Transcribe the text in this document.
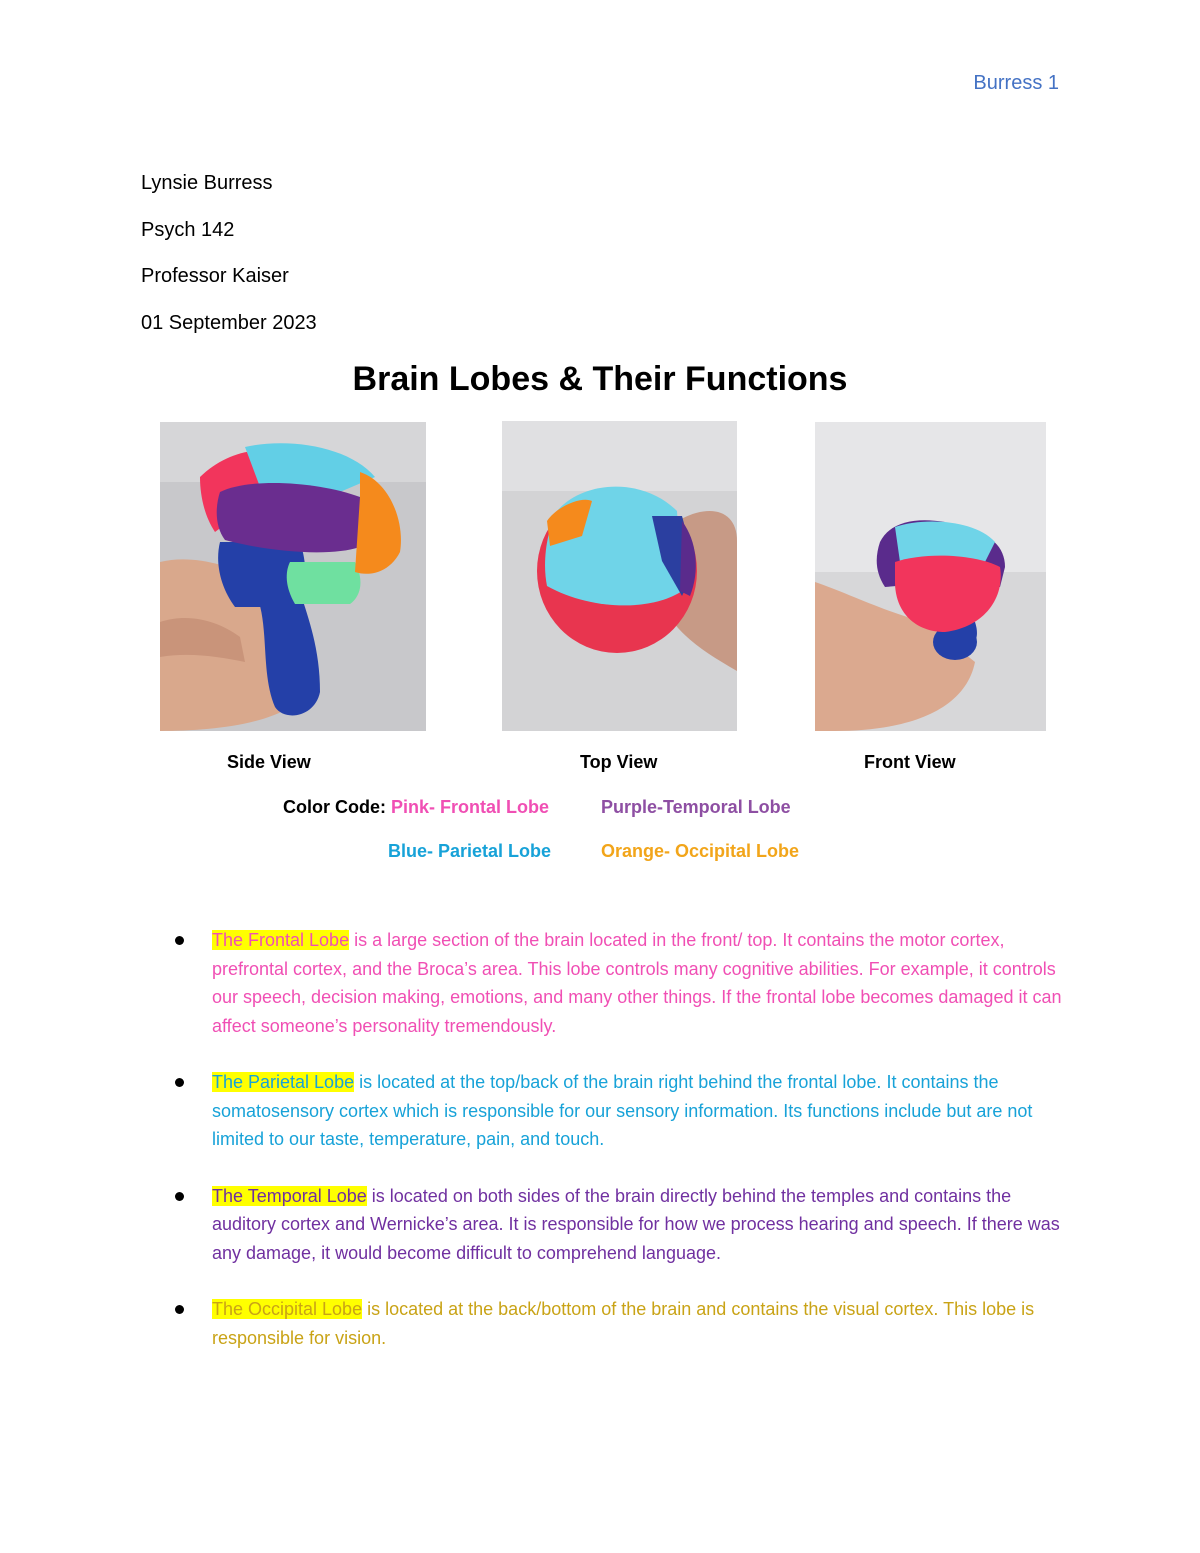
Burress 1
Lynsie Burress
Psych 142
Professor Kaiser
01 September 2023
Brain Lobes & Their Functions
Side View	Top View	Front View
Color Code: Pink- Frontal Lobe	Purple-Temporal Lobe
Blue- Parietal Lobe	Orange- Occipital Lobe
The Frontal Lobe is a large section of the brain located in the front/ top. It contains the motor cortex, prefrontal cortex, and the Broca’s area. This lobe controls many cognitive abilities. For example, it controls our speech, decision making, emotions, and many other things. If the frontal lobe becomes damaged it can affect someone’s personality tremendously.
The Parietal Lobe is located at the top/back of the brain right behind the frontal lobe. It contains the somatosensory cortex which is responsible for our sensory information. Its functions include but are not limited to our taste, temperature, pain, and touch.
The Temporal Lobe is located on both sides of the brain directly behind the temples and contains the auditory cortex and Wernicke’s area. It is responsible for how we process hearing and speech. If there was any damage, it would become difficult to comprehend language.
The Occipital Lobe is located at the back/bottom of the brain and contains the visual cortex. This lobe is responsible for vision.
